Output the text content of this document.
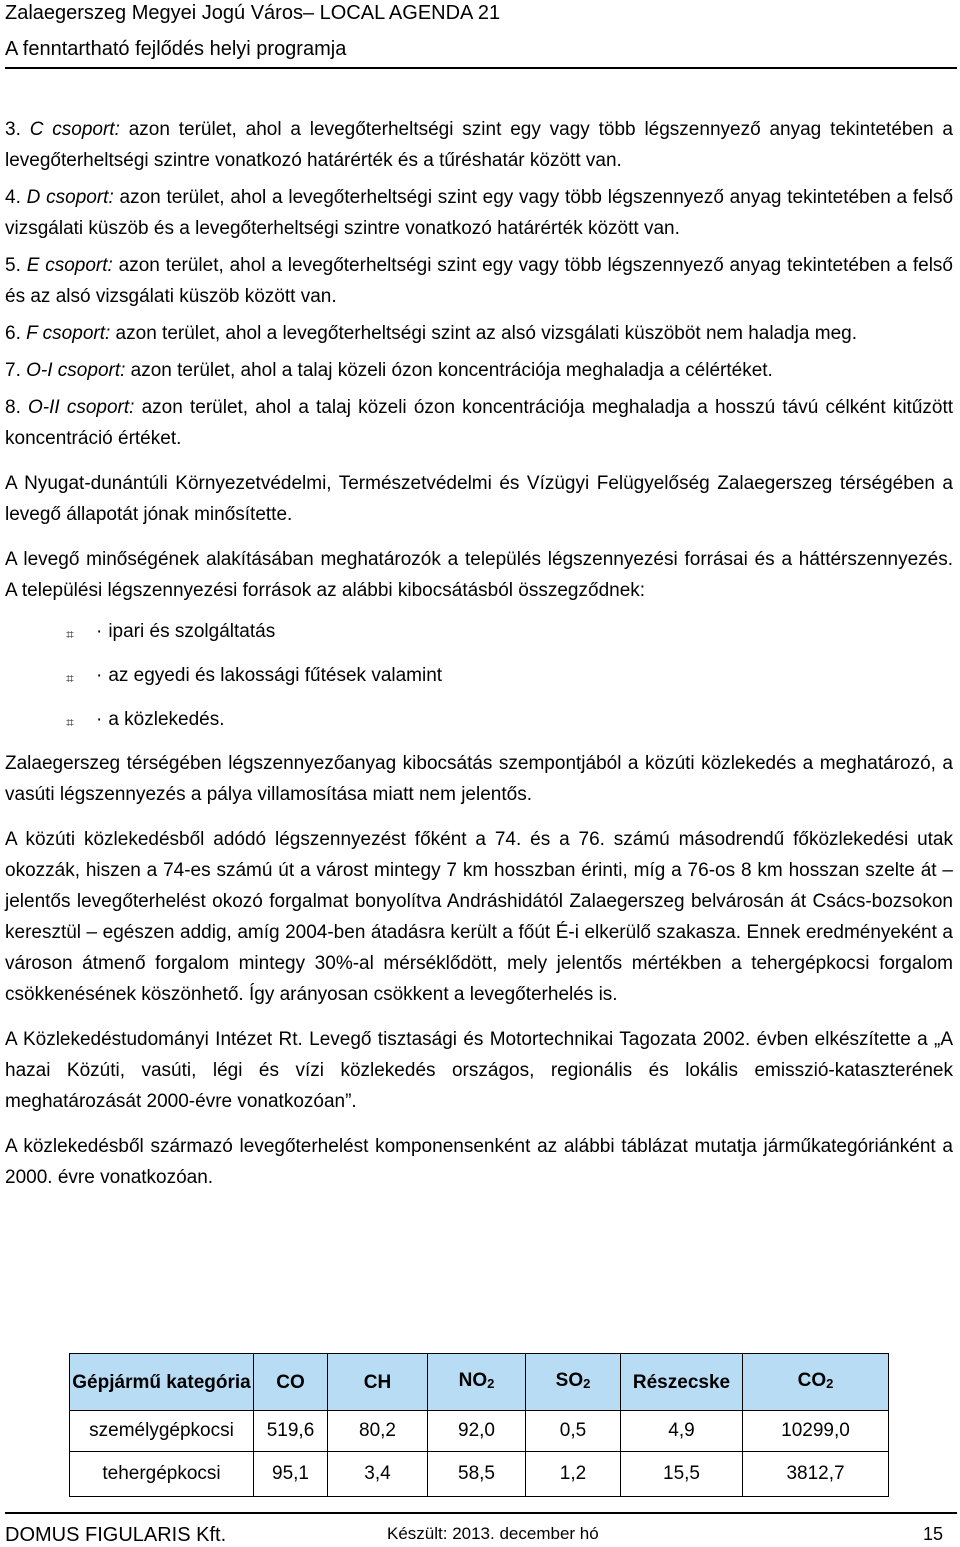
Zalaegerszeg Megyei Jogú Város– LOCAL AGENDA 21
A fenntartható fejlődés helyi programja

3. C csoport: azon terület, ahol a levegőterheltségi szint egy vagy több légszennyező anyag tekintetében a levegőterheltségi szintre vonatkozó határérték és a tűréshatár között van.

4. D csoport: azon terület, ahol a levegőterheltségi szint egy vagy több légszennyező anyag tekintetében a felső vizsgálati küszöb és a levegőterheltségi szintre vonatkozó határérték között van.

5. E csoport: azon terület, ahol a levegőterheltségi szint egy vagy több légszennyező anyag tekintetében a felső és az alsó vizsgálati küszöb között van.

6. F csoport: azon terület, ahol a levegőterheltségi szint az alsó vizsgálati küszöböt nem haladja meg.

7. O-I csoport: azon terület, ahol a talaj közeli ózon koncentrációja meghaladja a célértéket.

8. O-II csoport: azon terület, ahol a talaj közeli ózon koncentrációja meghaladja a hosszú távú célként kitűzött koncentráció értéket.

A Nyugat-dunántúli Környezetvédelmi, Természetvédelmi és Vízügyi Felügyelőség Zalaegerszeg térségében a levegő állapotát jónak minősítette.

A levegő minőségének alakításában meghatározók a település légszennyezési forrásai és a háttérszennyezés. A települési légszennyezési források az alábbi kibocsátásból összegződnek:

⌗ · ipari és szolgáltatás
⌗ · az egyedi és lakossági fűtések valamint
⌗ · a közlekedés.

Zalaegerszeg térségében légszennyezőanyag kibocsátás szempontjából a közúti közlekedés a meghatározó, a vasúti légszennyezés a pálya villamosítása miatt nem jelentős.

A közúti közlekedésből adódó légszennyezést főként a 74. és a 76. számú másodrendű főközlekedési utak okozzák, hiszen a 74-es számú út a várost mintegy 7 km hosszban érinti, míg a 76-os 8 km hosszan szelte át – jelentős levegőterhelést okozó forgalmat bonyolítva Andráshidától Zalaegerszeg belvárosán át Csács-bozsokon keresztül – egészen addig, amíg 2004-ben átadásra került a főút É-i elkerülő szakasza. Ennek eredményeként a városon átmenő forgalom mintegy 30%-al mérséklődött, mely jelentős mértékben a tehergépkocsi forgalom csökkenésének köszönhető. Így arányosan csökkent a levegőterhelés is.

A Közlekedéstudományi Intézet Rt. Levegő tisztasági és Motortechnikai Tagozata 2002. évben elkészítette a „A hazai Közúti, vasúti, légi és vízi közlekedés országos, regionális és lokális emisszió-kataszterének meghatározását 2000-évre vonatkozóan”.

A közlekedésből származó levegőterhelést komponensenként az alábbi táblázat mutatja járműkategóriánként a 2000. évre vonatkozóan.

Gépjármű kategória	CO	CH	$NO_2$	$SO_2$	Részecske	$CO_2$
személygépkocsi	519,6	80,2	92,0	0,5	4,9	10299,0
tehergépkocsi	95,1	3,4	58,5	1,2	15,5	3812,7
DOMUS FIGULARIS Kft.	Készült: 2013. december hó	15
